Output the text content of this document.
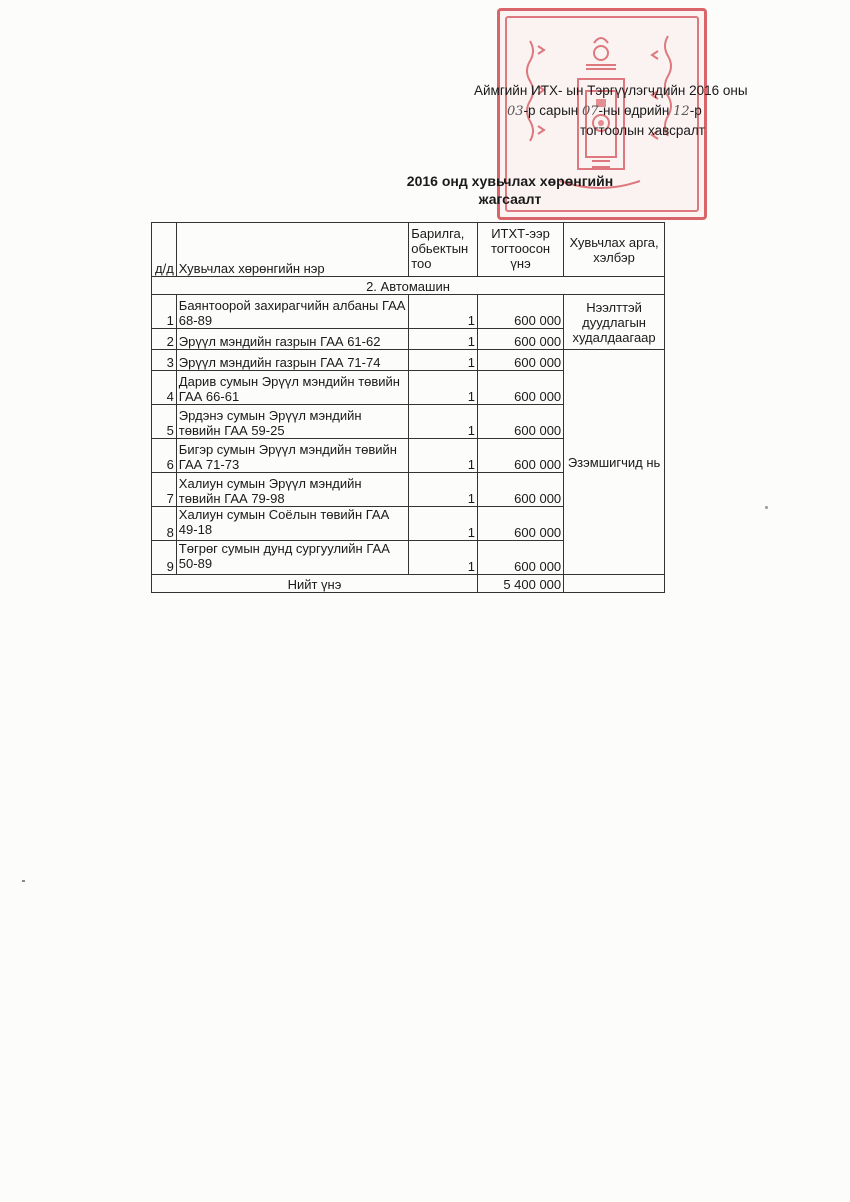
Аймгийн ИТХ- ын Тэргүүлэгчдийн 2016 оны
03-р сарын 07-ны өдрийн 12-р
тогтоолын хавсралт
2016 онд хувьчлах хөрөнгийн
жагсаалт
д/д	Хувьчлах хөрөнгийн нэр	Барилга, обьектын тоо	ИТХТ-ээр тогтоосон үнэ	Хувьчлах арга, хэлбэр
2. Автомашин				
1	Баянтоорой захирагчийн албаны ГАА 68-89	1	600 000	Нээлттэй дуудлагын худалдаагаар
2	Эрүүл мэндийн газрын ГАА 61-62	1	600 000	
3	Эрүүл мэндийн газрын ГАА 71-74	1	600 000	Эзэмшигчид нь
4	Дарив сумын Эрүүл мэндийн төвийн ГАА 66-61	1	600 000	
5	Эрдэнэ сумын Эрүүл мэндийн төвийн ГАА 59-25	1	600 000	
6	Бигэр сумын Эрүүл мэндийн төвийн ГАА 71-73	1	600 000	
7	Халиун сумын Эрүүл мэндийн төвийн ГАА 79-98	1	600 000	
8	Халиун сумын Соёлын төвийн ГАА 49-18	1	600 000	
9	Төгрөг сумын дунд сургуулийн ГАА 50-89	1	600 000	
Нийт үнэ			5 400 000	
